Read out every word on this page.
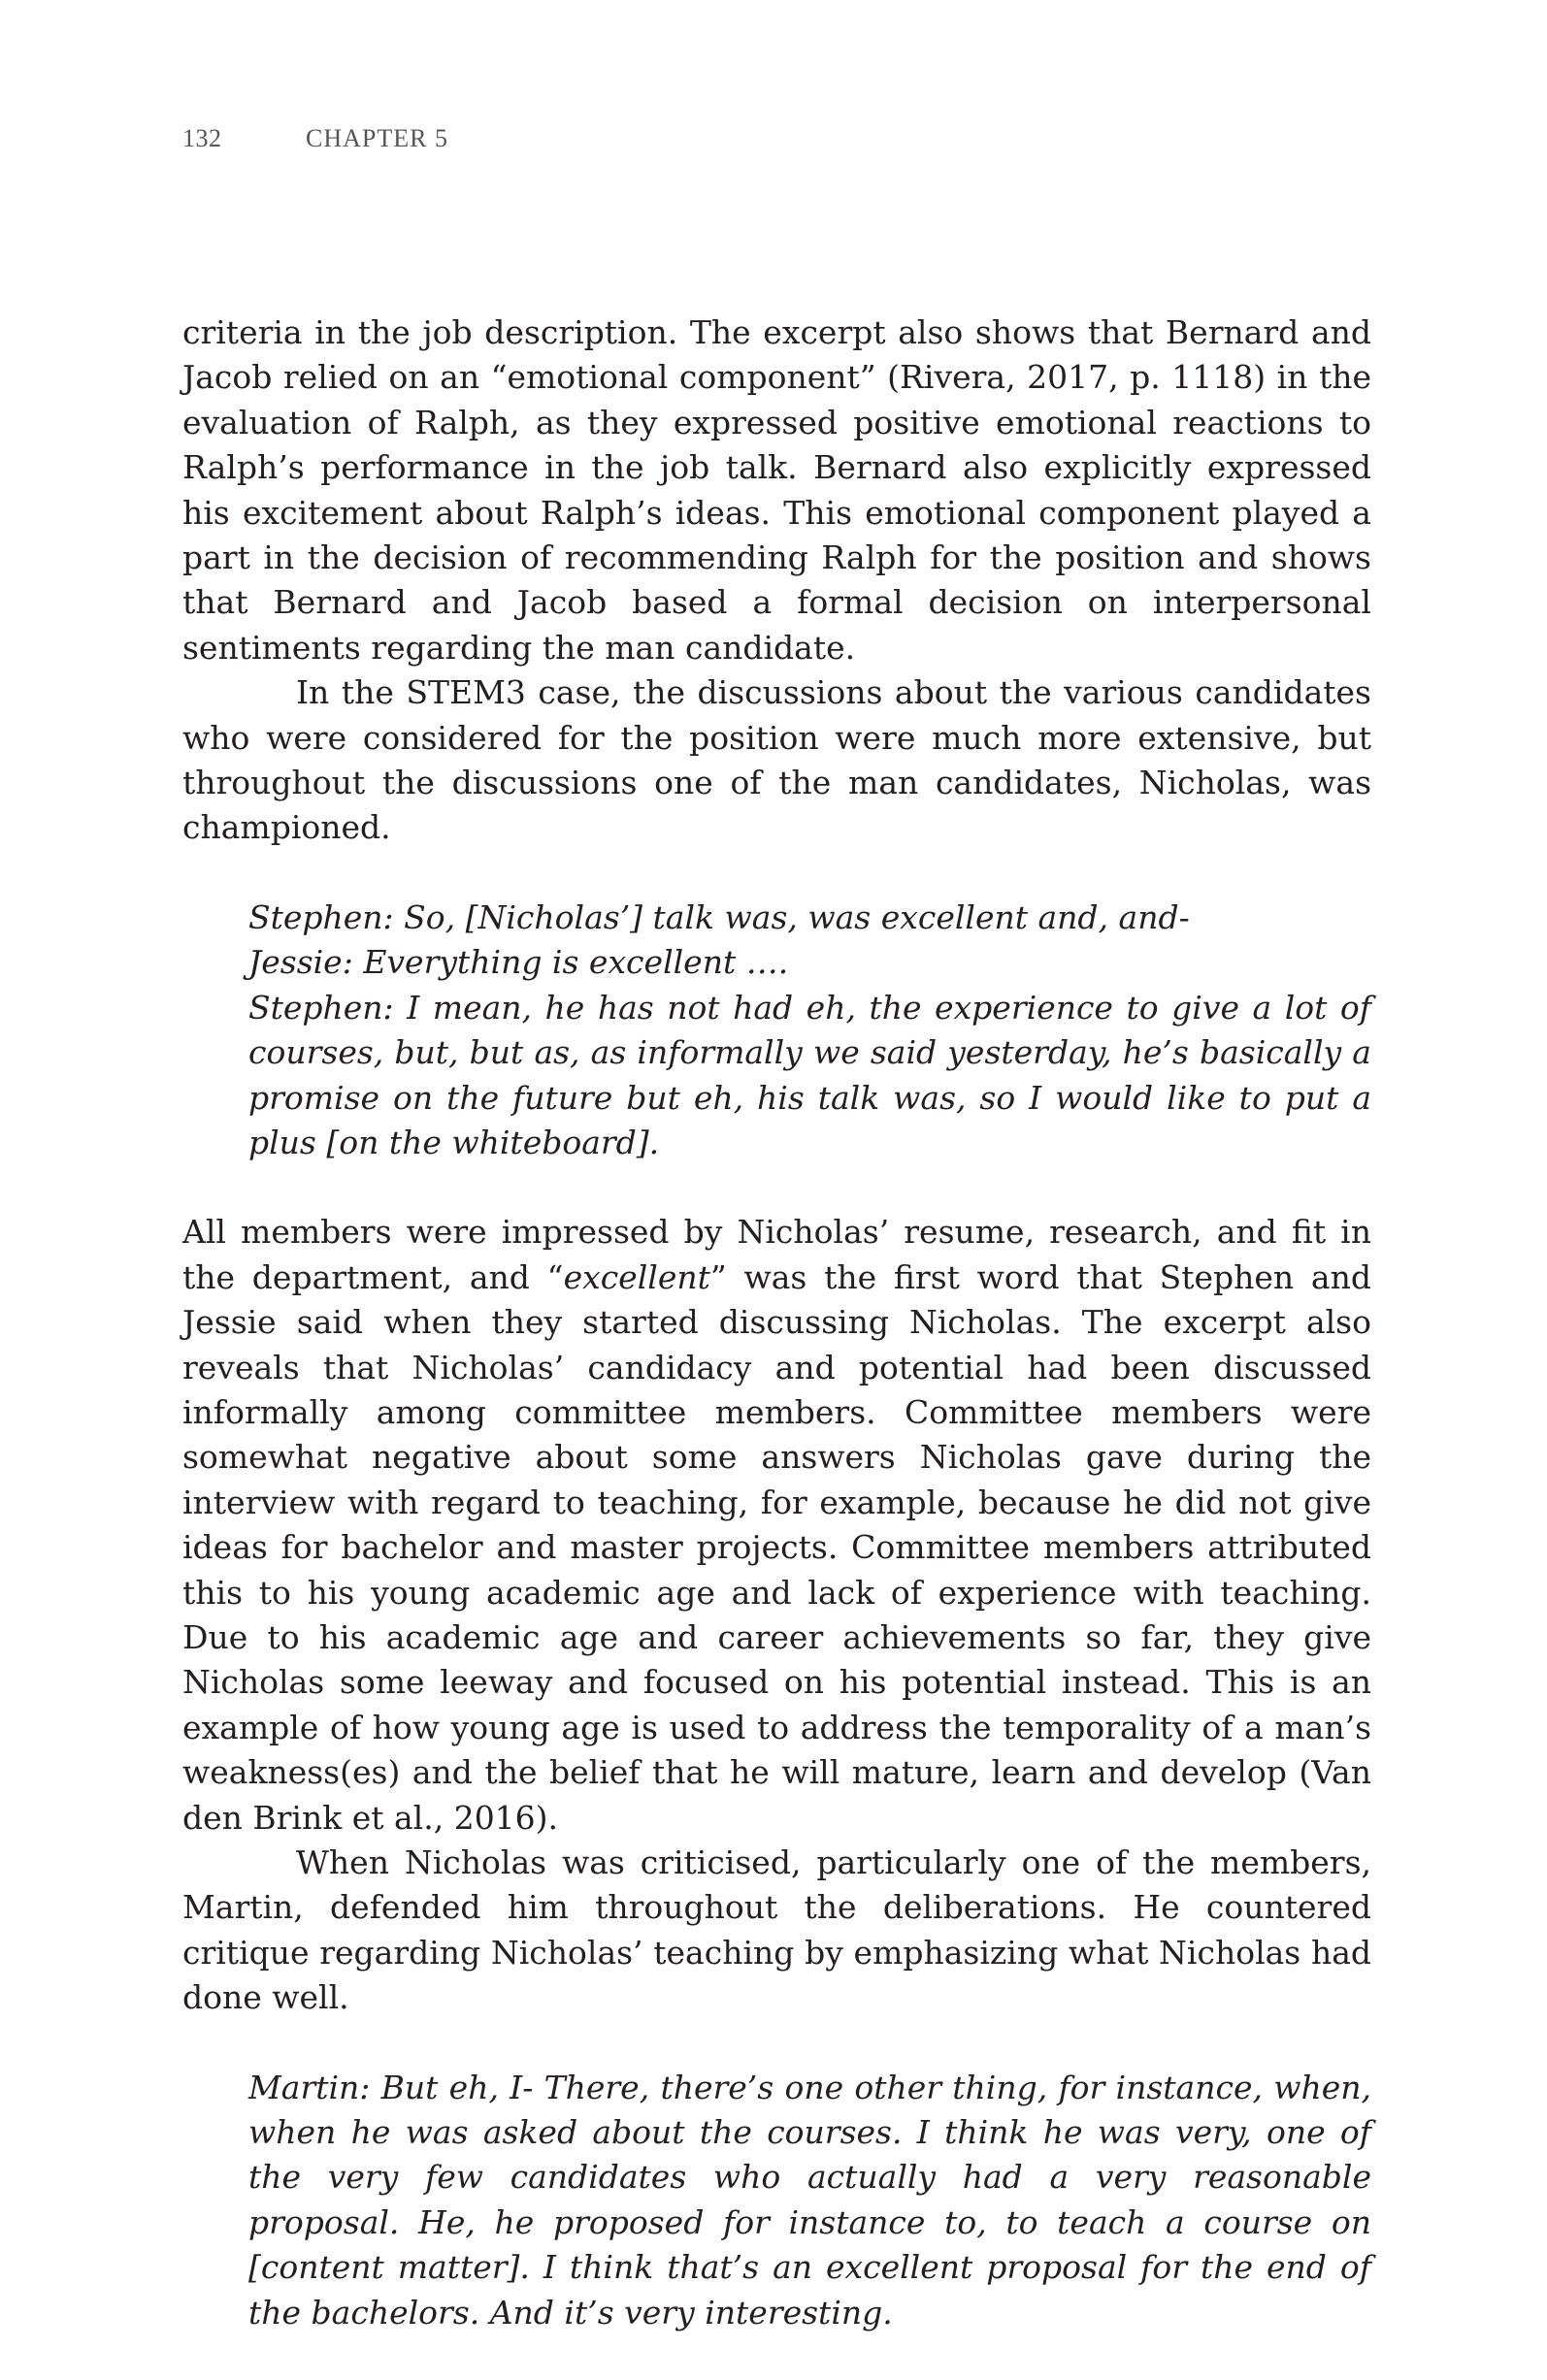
132	CHAPTER 5

criteria in the job description. The excerpt also shows that Bernard and Jacob relied on an “emotional component” (Rivera, 2017, p. 1118) in the evaluation of Ralph, as they expressed positive emotional reactions to Ralph’s performance in the job talk. Bernard also explicitly expressed his excitement about Ralph’s ideas. This emotional component played a part in the decision of recommending Ralph for the position and shows that Bernard and Jacob based a formal decision on interpersonal sentiments regarding the man candidate.

In the STEM3 case, the discussions about the various candidates who were considered for the position were much more extensive, but throughout the discussions one of the man candidates, Nicholas, was championed.

Stephen: So, [Nicholas’] talk was, was excellent and, and-

Jessie: Everything is excellent ….

Stephen: I mean, he has not had eh, the experience to give a lot of courses, but, but as, as informally we said yesterday, he’s basically a promise on the future but eh, his talk was, so I would like to put a plus [on the whiteboard].

All members were impressed by Nicholas’ resume, research, and fit in the department, and “excellent” was the first word that Stephen and Jessie said when they started discussing Nicholas. The excerpt also reveals that Nicholas’ candidacy and potential had been discussed informally among committee members. Committee members were somewhat negative about some answers Nicholas gave during the interview with regard to teaching, for example, because he did not give ideas for bachelor and master projects. Committee members attributed this to his young academic age and lack of experience with teaching. Due to his academic age and career achievements so far, they give Nicholas some leeway and focused on his potential instead. This is an example of how young age is used to address the temporality of a man’s weakness(es) and the belief that he will mature, learn and develop (Van den Brink et al., 2016).

When Nicholas was criticised, particularly one of the members, Martin, defended him throughout the deliberations. He countered critique regarding Nicholas’ teaching by emphasizing what Nicholas had done well.

Martin: But eh, I- There, there’s one other thing, for instance, when, when he was asked about the courses. I think he was very, one of the very few candidates who actually had a very reasonable proposal. He, he proposed for instance to, to teach a course on [content matter]. I think that’s an excellent proposal for the end of the bachelors. And it’s very interesting.
